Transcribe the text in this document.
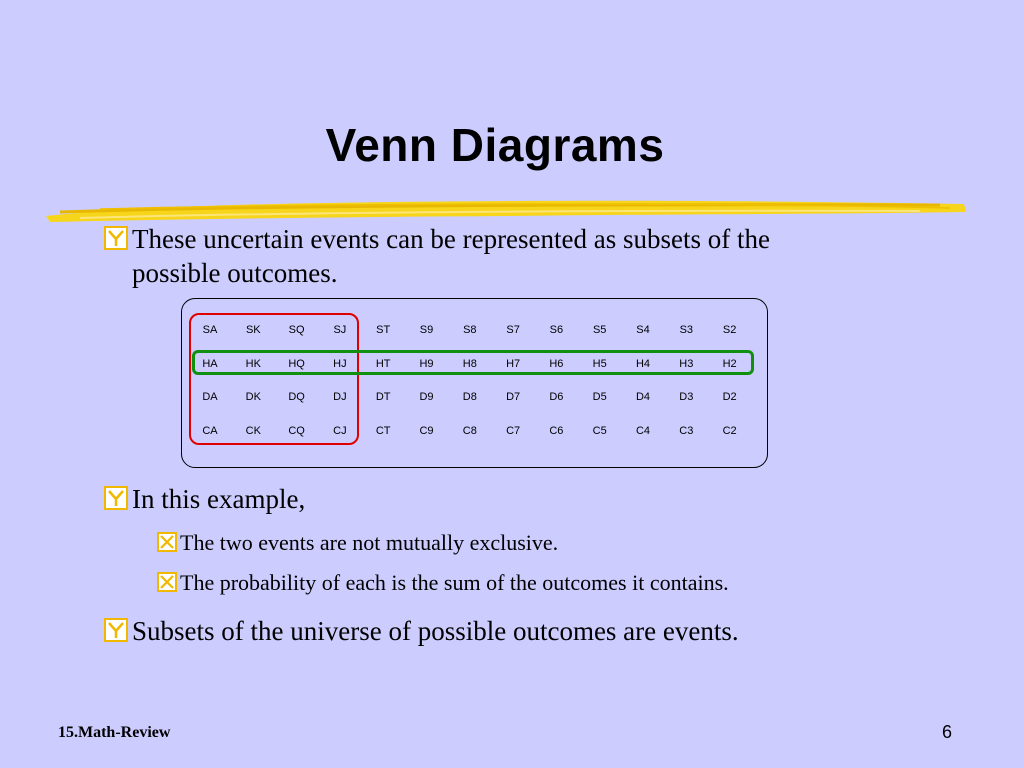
Venn Diagrams
These uncertain events can be represented as subsets of the possible outcomes.
SA	SK	SQ	SJ	ST	S9	S8	S7	S6	S5	S4	S3	S2
HA	HK	HQ	HJ	HT	H9	H8	H7	H6	H5	H4	H3	H2
DA	DK	DQ	DJ	DT	D9	D8	D7	D6	D5	D4	D3	D2
CA	CK	CQ	CJ	CT	C9	C8	C7	C6	C5	C4	C3	C2
In this example,
The two events are not mutually exclusive.
The probability of each is the sum of the outcomes it contains.
Subsets of the universe of possible outcomes are events.
15.Math-Review	6
